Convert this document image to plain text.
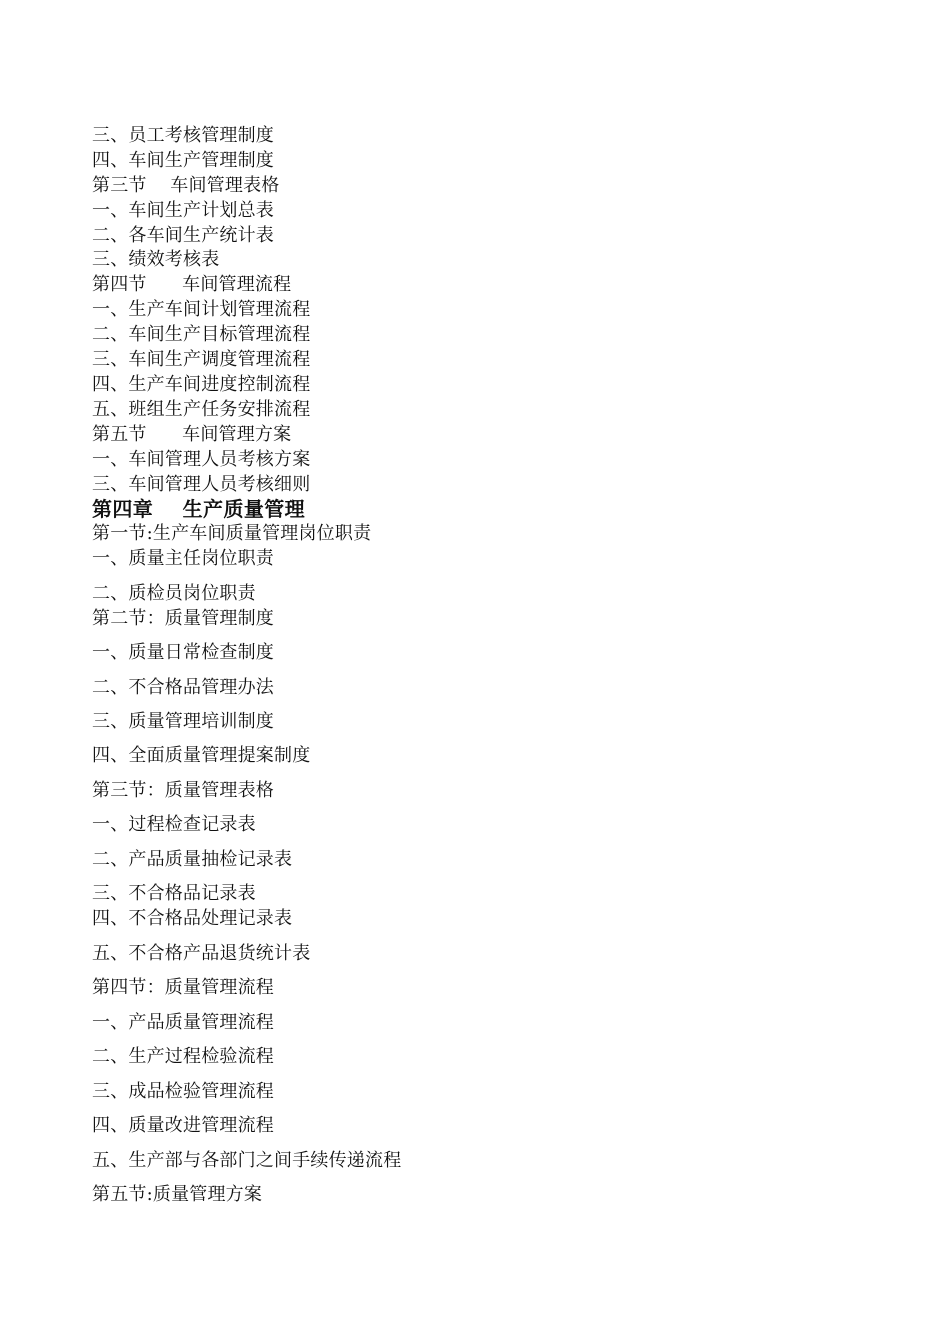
三、员工考核管理制度
四、车间生产管理制度
第三节    车间管理表格
一、车间生产计划总表
二、各车间生产统计表
三、绩效考核表
第四节      车间管理流程
一、生产车间计划管理流程
二、车间生产目标管理流程
三、车间生产调度管理流程
四、生产车间进度控制流程
五、班组生产任务安排流程
第五节      车间管理方案
一、车间管理人员考核方案
三、车间管理人员考核细则
第四章    生产质量管理
第一节:生产车间质量管理岗位职责
一、质量主任岗位职责
二、质检员岗位职责
第二节：质量管理制度
一、质量日常检查制度
二、不合格品管理办法
三、质量管理培训制度
四、全面质量管理提案制度
第三节：质量管理表格
一、过程检查记录表
二、产品质量抽检记录表
三、不合格品记录表
四、不合格品处理记录表
五、不合格产品退货统计表
第四节：质量管理流程
一、产品质量管理流程
二、生产过程检验流程
三、成品检验管理流程
四、质量改进管理流程
五、生产部与各部门之间手续传递流程
第五节:质量管理方案
